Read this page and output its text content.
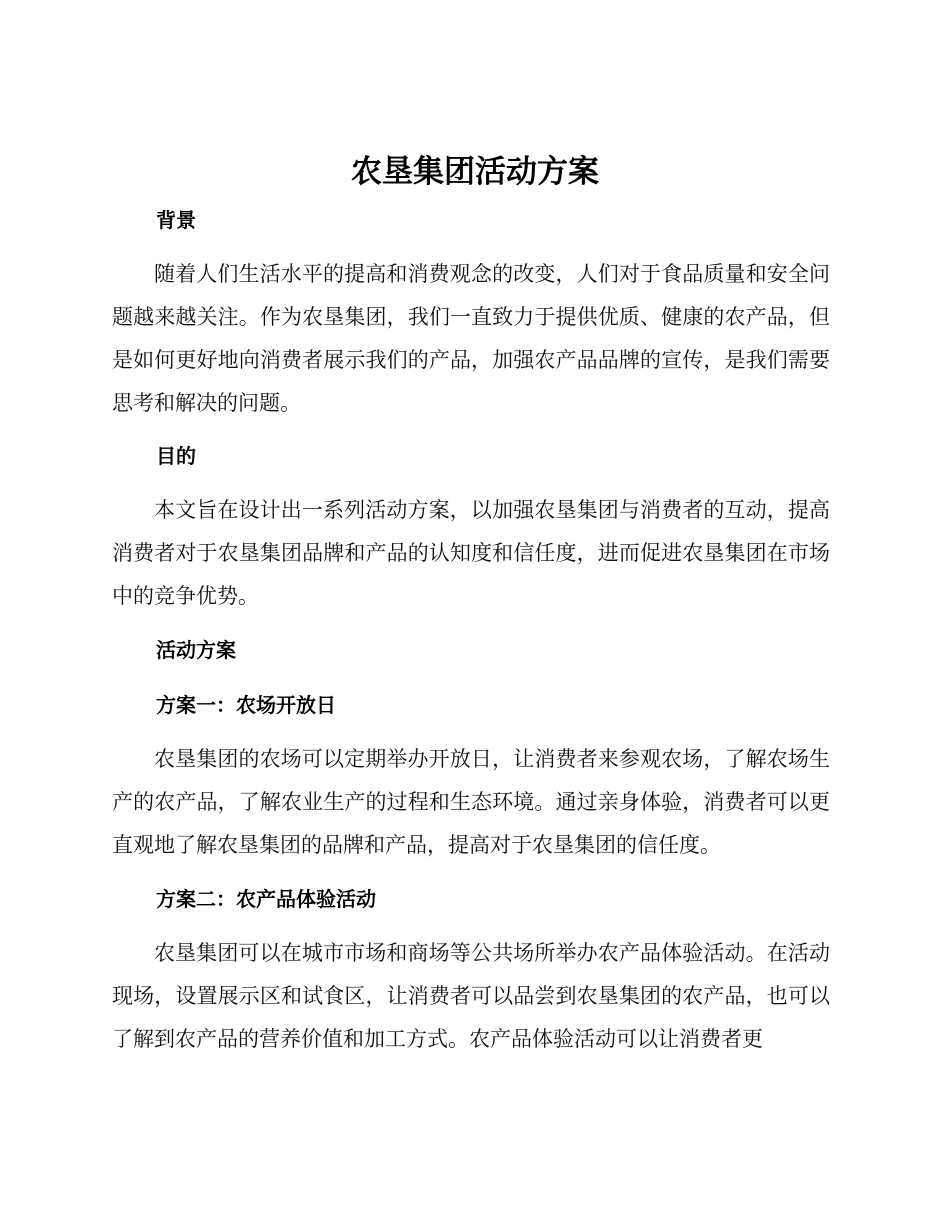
农垦集团活动方案
背景

随着人们生活水平的提高和消费观念的改变，人们对于食品质量和安全问题越来越关注。作为农垦集团，我们一直致力于提供优质、健康的农产品，但是如何更好地向消费者展示我们的产品，加强农产品品牌的宣传，是我们需要思考和解决的问题。

目的

本文旨在设计出一系列活动方案，以加强农垦集团与消费者的互动，提高消费者对于农垦集团品牌和产品的认知度和信任度，进而促进农垦集团在市场中的竞争优势。

活动方案
方案一：农场开放日

农垦集团的农场可以定期举办开放日，让消费者来参观农场，了解农场生产的农产品，了解农业生产的过程和生态环境。通过亲身体验，消费者可以更直观地了解农垦集团的品牌和产品，提高对于农垦集团的信任度。

方案二：农产品体验活动

农垦集团可以在城市市场和商场等公共场所举办农产品体验活动。在活动现场，设置展示区和试食区，让消费者可以品尝到农垦集团的农产品，也可以了解到农产品的营养价值和加工方式。农产品体验活动可以让消费者更
